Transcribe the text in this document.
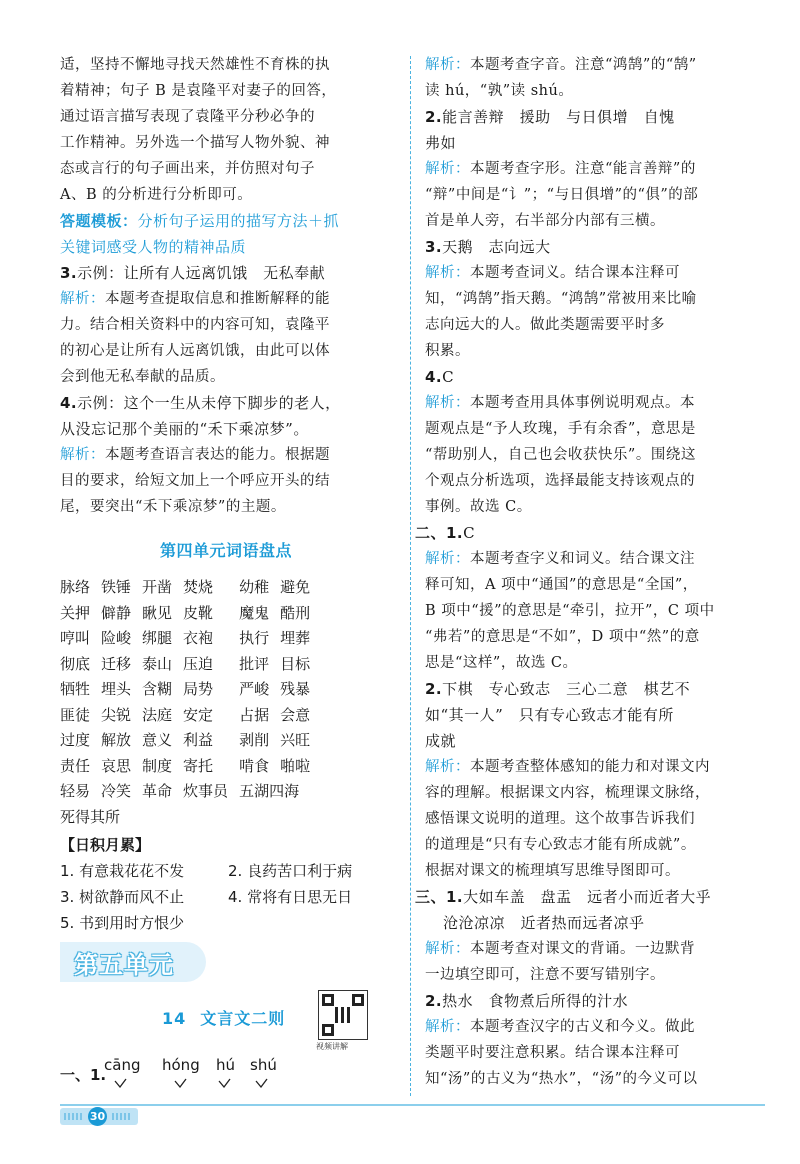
适，坚持不懈地寻找天然雄性不育株的执

着精神；句子 B 是袁隆平对妻子的回答，

通过语言描写表现了袁隆平分秒必争的

工作精神。另外选一个描写人物外貌、神

态或言行的句子画出来，并仿照对句子

A、B 的分析进行分析即可。

答题模板：分析句子运用的描写方法＋抓

关键词感受人物的精神品质

3.示例：让所有人远离饥饿　无私奉献

解析：本题考查提取信息和推断解释的能

力。结合相关资料中的内容可知，袁隆平

的初心是让所有人远离饥饿，由此可以体

会到他无私奉献的品质。

4.示例：这个一生从未停下脚步的老人，

从没忘记那个美丽的“禾下乘凉梦”。

解析：本题考查语言表达的能力。根据题

目的要求，给短文加上一个呼应开头的结

尾，要突出“禾下乘凉梦”的主题。

第四单元词语盘点
脉络 铁锤 开凿 焚烧	幼稚 避免
关押 僻静 瞅见 皮靴	魔鬼 酷刑
哼叫 险峻 绑腿 衣袍	执行 埋葬
彻底 迁移 泰山 压迫	批评 目标
牺牲 埋头 含糊 局势	严峻 残暴
匪徒 尖锐 法庭 安定	占据 会意
过度 解放 意义 利益	剥削 兴旺
责任 哀思 制度 寄托	啃食 啪啦
轻易 冷笑 革命 炊事员 五湖四海
死得其所
【日积月累】
1. 有意栽花花不发	2. 良药苦口利于病
3. 树欲静而风不止	4. 常将有日思无日
5. 书到用时方恨少
第五单元
14 文言文二则
视频讲解
一、1.
cāng hóng hú shú

解析：本题考查字音。注意“鸿鹄”的“鹄”

读 hú，“孰”读 shú。

2.能言善辩　援助　与日俱增　自愧

弗如

解析：本题考查字形。注意“能言善辩”的

“辩”中间是“讠”；“与日俱增”的“俱”的部

首是单人旁，右半部分内部有三横。

3.天鹅　志向远大

解析：本题考查词义。结合课本注释可

知，“鸿鹄”指天鹅。“鸿鹄”常被用来比喻

志向远大的人。做此类题需要平时多

积累。

4.C

解析：本题考查用具体事例说明观点。本

题观点是“予人玫瑰，手有余香”，意思是

“帮助别人，自己也会收获快乐”。围绕这

个观点分析选项，选择最能支持该观点的

事例。故选 C。

二、1.C

解析：本题考查字义和词义。结合课文注

释可知，A 项中“通国”的意思是“全国”，

B 项中“援”的意思是“牵引，拉开”，C 项中

“弗若”的意思是“不如”，D 项中“然”的意

思是“这样”，故选 C。

2.下棋　专心致志　三心二意　棋艺不

如“其一人”　只有专心致志才能有所

成就

解析：本题考查整体感知的能力和对课文内

容的理解。根据课文内容，梳理课文脉络，

感悟课文说明的道理。这个故事告诉我们

的道理是“只有专心致志才能有所成就”。

根据对课文的梳理填写思维导图即可。

三、1.大如车盖　盘盂　远者小而近者大乎

沧沧凉凉　近者热而远者凉乎

解析：本题考查对课文的背诵。一边默背

一边填空即可，注意不要写错别字。

2.热水　食物煮后所得的汁水

解析：本题考查汉字的古义和今义。做此

类题平时要注意积累。结合课本注释可

知“汤”的古义为“热水”，“汤”的今义可以

30
